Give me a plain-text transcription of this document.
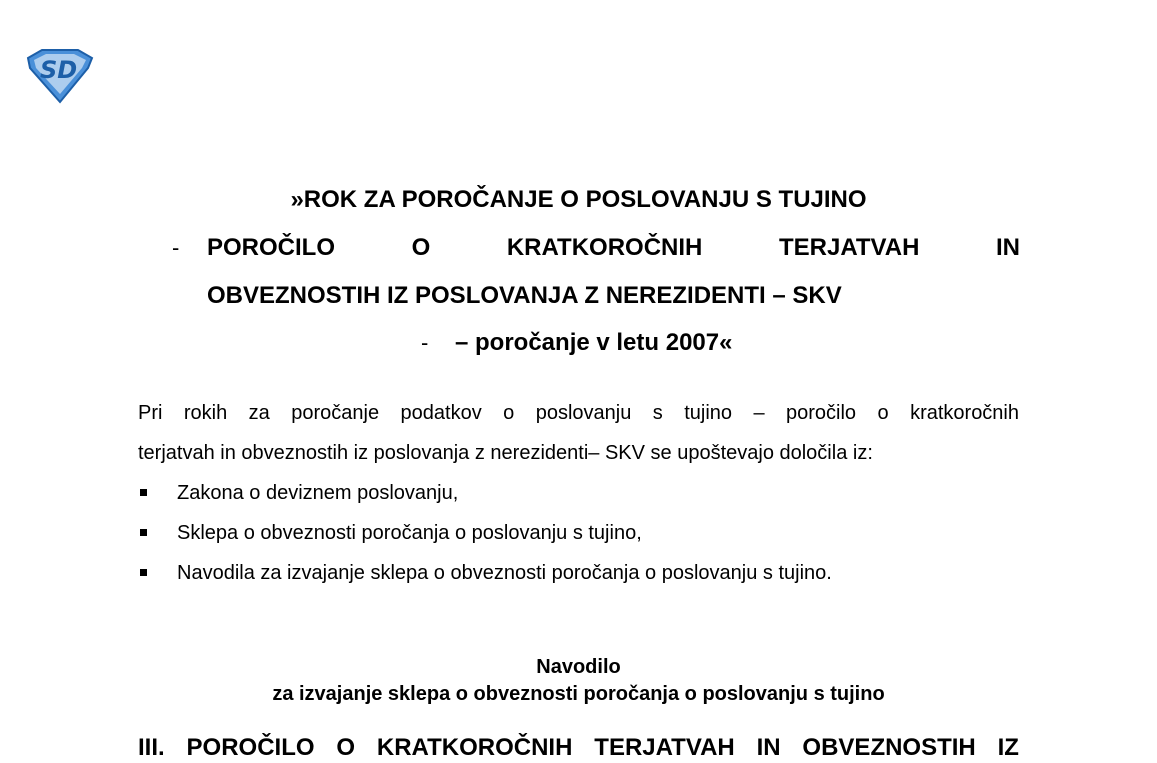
SD
»ROK ZA POROČANJE O POSLOVANJU S TUJINO
- POROČILO	O	KRATKOROČNIH	TERJATVAH	IN
OBVEZNOSTIH IZ POSLOVANJA Z NEREZIDENTI – SKV
- – poročanje v letu 2007«
Pri rokih za poročanje podatkov o poslovanju s tujino – poročilo o kratkoročnih
terjatvah in obveznostih iz poslovanja z nerezidenti– SKV se upoštevajo določila iz:
Zakona o deviznem poslovanju,
Sklepa o obveznosti poročanja o poslovanju s tujino,
Navodila za izvajanje sklepa o obveznosti poročanja o poslovanju s tujino.
Navodilo
za izvajanje sklepa o obveznosti poročanja o poslovanju s tujino
III. POROČILO O KRATKOROČNIH TERJATVAH IN OBVEZNOSTIH IZ
